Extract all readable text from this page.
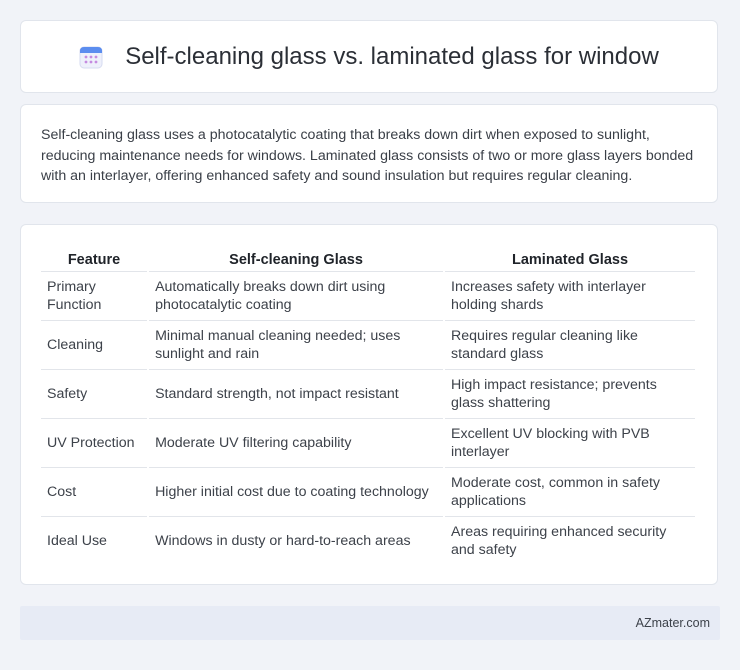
Self-cleaning glass vs. laminated glass for window

Self-cleaning glass uses a photocatalytic coating that breaks down dirt when exposed to sunlight, reducing maintenance needs for windows. Laminated glass consists of two or more glass layers bonded with an interlayer, offering enhanced safety and sound insulation but requires regular cleaning.

Feature	Self-cleaning Glass	Laminated Glass
Primary Function	Automatically breaks down dirt using photocatalytic coating	Increases safety with interlayer holding shards
Cleaning	Minimal manual cleaning needed; uses sunlight and rain	Requires regular cleaning like standard glass
Safety	Standard strength, not impact resistant	High impact resistance; prevents glass shattering
UV Protection	Moderate UV filtering capability	Excellent UV blocking with PVB interlayer
Cost	Higher initial cost due to coating technology	Moderate cost, common in safety applications
Ideal Use	Windows in dusty or hard-to-reach areas	Areas requiring enhanced security and safety
AZmater.com
